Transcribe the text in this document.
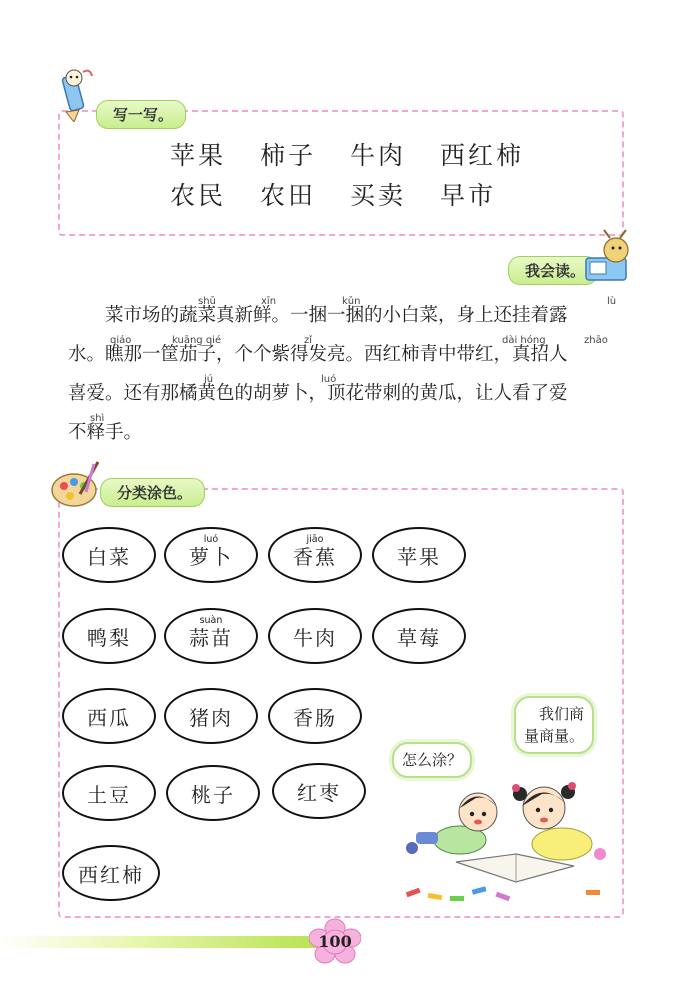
写一写。
苹果 柿子 牛肉 西红柿
农民 农田 买卖 早市
我会读。
　　菜市场的蔬菜真新鲜。一捆一捆的小白菜，身上还挂着露
shū	xīn	kǔn	lù
水。瞧那一筐茄子，个个紫得发亮。西红柿青中带红，真招人
qiáo	kuāng qié	zǐ	dài hóng	zhāo
喜爱。还有那橘黄色的胡萝卜，顶花带刺的黄瓜，让人看了爱
jú	luó
不释手。
shì
分类涂色。
白菜
luó
萝卜
jiāo
香蕉	苹果
鸭梨
suàn
蒜苗	牛肉	草莓
西瓜	猪肉	香肠
土豆	桃子	红枣
西红柿
怎么涂？
我们商
量商量。
100
